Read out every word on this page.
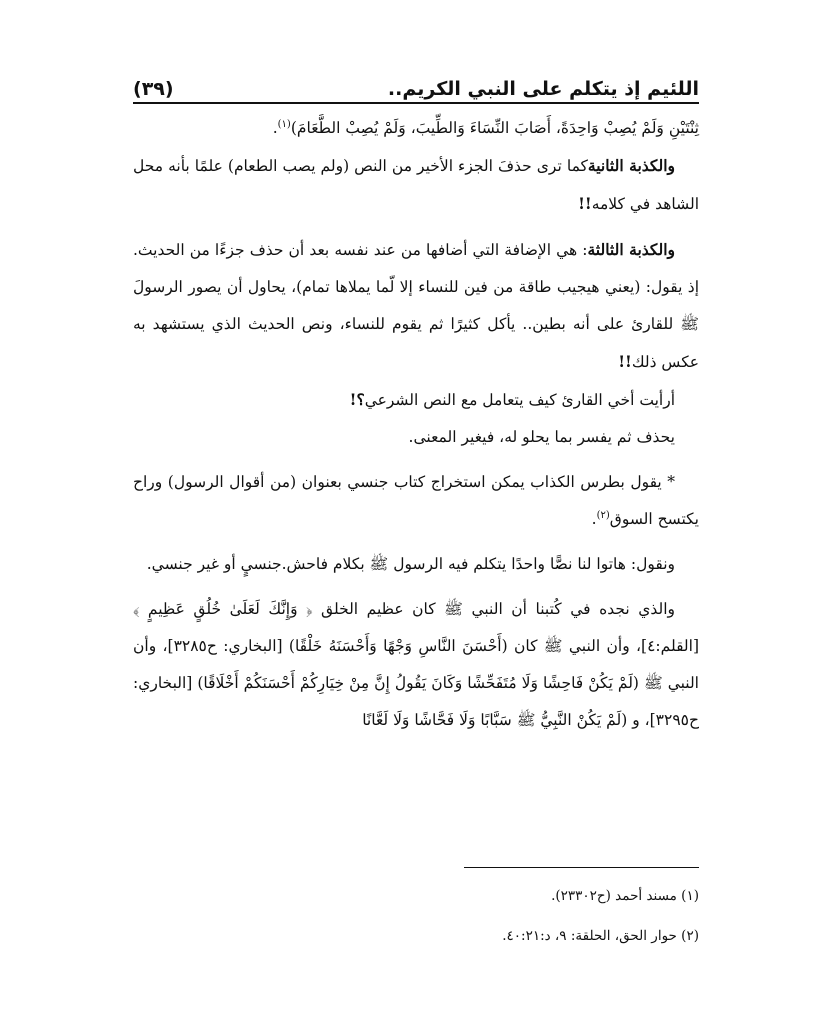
اللئيم إذ يتكلم على النبي الكريم..
(٣٩)

ثِنْتَيْنِ وَلَمْ يُصِبْ وَاحِدَةً، أَصَابَ النِّسَاءَ وَالطِّيبَ، وَلَمْ يُصِبْ الطَّعَامَ)$^{(١)}$.

والكذبة الثانيةكما ترى حذفَ الجزء الأخير من النص (ولم يصب الطعام) علمًا بأنه محل الشاهد في كلامه!!

والكذبة الثالثة: هي الإضافة التي أضافها من عند نفسه بعد أن حذف جزءًا من الحديث. إذ يقول: (يعني هيجيب طاقة من فين للنساء إلا لّما يملاها تمام)، يحاول أن يصور الرسولَ ﷺ للقارئ على أنه بطين.. يأكل كثيرًا ثم يقوم للنساء، ونص الحديث الذي يستشهد به عكس ذلك!!

أرأيت أخي القارئ كيف يتعامل مع النص الشرعي؟!

يحذف ثم يفسر بما يحلو له، فيغير المعنى.

* يقول بطرس الكذاب يمكن استخراج كتاب جنسي بعنوان (من أقوال الرسول) وراح يكتسح السوق$^{(٢)}$.

ونقول: هاتوا لنا نصًّا واحدًا يتكلم فيه الرسول ﷺ بكلام فاحش.جنسيٍ أو غير جنسي.

والذي نجده في كُتبنا أن النبي ﷺ كان عظيم الخلق ﴿ وَإِنَّكَ لَعَلَىٰ خُلُقٍ عَظِيمٍ ﴾ [القلم:٤]، وأن النبي ﷺ كان (أَحْسَنَ النَّاسِ وَجْهًا وَأَحْسَنَهُ خَلْقًا) [البخاري: ح٣٢٨٥]، وأن النبي ﷺ (لَمْ يَكُنْ فَاحِشًا وَلَا مُتَفَحِّشًا وَكَانَ يَقُولُ إِنَّ مِنْ خِيَارِكُمْ أَحْسَنَكُمْ أَخْلَاقًا) [البخاري: ح٣٢٩٥]، و (لَمْ يَكُنْ النَّبِيُّ ﷺ سَبَّابًا وَلَا فَحَّاشًا وَلَا لَعَّانًا

(١) مسند أحمد (ح٢٣٣٠٢).
(٢) حوار الحق، الحلقة: ٩، د:٤٠:٢١.
